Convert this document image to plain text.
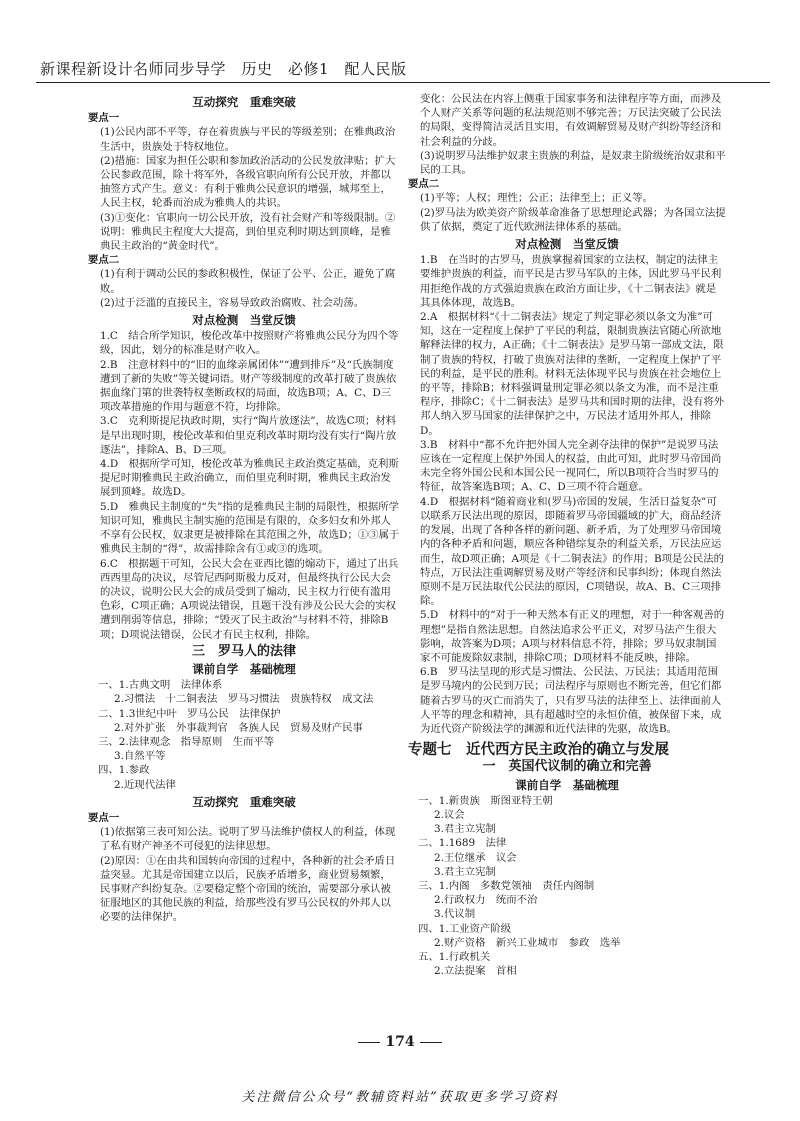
新课程新设计名师同步导学　历史　必修1　配人民版
互动探究　重难突破
要点一
(1)公民内部不平等，存在着贵族与平民的等级差别；在雅典政治生活中，贵族处于特权地位。
(2)措施：国家为担任公职和参加政治活动的公民发放津贴；扩大公民参政范围，除十将军外，各级官职向所有公民开放，并都以抽签方式产生。意义：有利于雅典公民意识的增强，城邦至上，人民主权，轮番而治成为雅典人的共识。
(3)①变化：官职向一切公民开放，没有社会财产和等级限制。②说明：雅典民主程度大大提高，到伯里克利时期达到顶峰，是雅典民主政治的“黄金时代”。
要点二
(1)有利于调动公民的参政积极性，保证了公平、公正，避免了腐败。
(2)过于泛滥的直接民主，容易导致政治腐败、社会动荡。
对点检测　当堂反馈
1.C　结合所学知识，梭伦改革中按照财产将雅典公民分为四个等级，因此，划分的标准是财产收入。
2.B　注意材料中的“旧的血缘亲属团体”“遭到排斥”及“氏族制度遭到了新的失败”等关键词语。财产等级制度的改革打破了贵族依据血缘门第的世袭特权垄断政权的局面，故选B项；A、C、D三项改革措施的作用与题意不符，均排除。
3.C　克利斯提尼执政时期，实行“陶片放逐法”，故选C项；材料是早出现时期，梭伦改革和伯里克利改革时期均没有实行“陶片放逐法”，排除A、B、D三项。
4.D　根据所学可知，梭伦改革为雅典民主政治奠定基础，克利斯提尼时期雅典民主政治确立，而伯里克利时期，雅典民主政治发展到顶峰。故选D。
5.D　雅典民主制度的“失”指的是雅典民主制的局限性，根据所学知识可知，雅典民主制实施的范围是有限的，众多妇女和外邦人不享有公民权，奴隶更是被排除在其范围之外，故选D；①③属于雅典民主制的“得”，故需排除含有①或③的选项。
6.C　根据题干可知，公民大会在亚西比德的煽动下，通过了出兵西西里岛的决议，尽管尼西阿斯极力反对，但最终执行公民大会的决议，说明公民大会的成员受到了煽动，民主权力行使有滥用色彩，C项正确；A项说法错误，且题干没有涉及公民大会的实权遭到削弱等信息，排除；“毁灭了民主政治”与材料不符，排除B项；D项说法错误，公民才有民主权利，排除。
三　罗马人的法律
课前自学　基础梳理
一、1.古典文明　法律体系
2.习惯法　十二铜表法　罗马习惯法　贵族特权　成文法
二、1.3世纪中叶　罗马公民　法律保护
2.对外扩张　外事裁判官　各族人民　贸易及财产民事
三、2.法律观念　指导原则　生而平等
3.自然平等
四、1.参政
2.近现代法律
互动探究　重难突破
要点一
(1)依据第三表可知公法。说明了罗马法维护债权人的利益，体现了私有财产神圣不可侵犯的法律思想。
(2)原因：①在由共和国转向帝国的过程中，各种新的社会矛盾日益突显。尤其是帝国建立以后，民族矛盾增多，商业贸易频繁，民事财产纠纷复杂。②要稳定整个帝国的统治，需要部分承认被征服地区的其他民族的利益，给那些没有罗马公民权的外邦人以必要的法律保护。
变化：公民法在内容上侧重于国家事务和法律程序等方面，而涉及个人财产关系等问题的私法规范则不够完善；万民法突破了公民法的局限，变得简洁灵活且实用，有效调解贸易及财产纠纷等经济和社会利益的分歧。
(3)说明罗马法维护奴隶主贵族的利益，是奴隶主阶级统治奴隶和平民的工具。
要点二
(1)平等；人权；理性；公正；法律至上；正义等。
(2)罗马法为欧美资产阶级革命准备了思想理论武器；为各国立法提供了依据，奠定了近代欧洲法律体系的基础。
对点检测　当堂反馈
1.B　在当时的古罗马，贵族掌握着国家的立法权，制定的法律主要维护贵族的利益，而平民是古罗马军队的主体，因此罗马平民利用拒绝作战的方式强迫贵族在政治方面让步，《十二铜表法》就是其具体体现，故选B。
2.A　根据材料“《十二铜表法》规定了判定罪必须以条文为准”可知，这在一定程度上保护了平民的利益，限制贵族法官随心所欲地解释法律的权力，A正确；《十二铜表法》是罗马第一部成文法，限制了贵族的特权，打破了贵族对法律的垄断，一定程度上保护了平民的利益，是平民的胜利。材料无法体现平民与贵族在社会地位上的平等，排除B；材料强调量刑定罪必须以条文为准，而不是注重程序，排除C；《十二铜表法》是罗马共和国时期的法律，没有将外邦人纳入罗马国家的法律保护之中，万民法才适用外邦人，排除D。
3.B　材料中“都不允许把外国人完全剥夺法律的保护”是说罗马法应该在一定程度上保护外国人的权益，由此可知，此时罗马帝国尚未完全将外国公民和本国公民一视同仁，所以B项符合当时罗马的特征，故答案选B项；A、C、D三项不符合题意。
4.D　根据材料“随着商业和(罗马)帝国的发展，生活日益复杂”可以联系万民法出现的原因，即随着罗马帝国疆域的扩大，商品经济的发展，出现了各种各样的新问题、新矛盾，为了处理罗马帝国境内的各种矛盾和问题，顺应各种错综复杂的利益关系，万民法应运而生，故D项正确；A项是《十二铜表法》的作用；B项是公民法的特点，万民法注重调解贸易及财产等经济和民事纠纷；体现自然法原则不是万民法取代公民法的原因，C项错误，故A、B、C三项排除。
5.D　材料中的“对于一种天然本有正义的理想，对于一种客观善的理想”是指自然法思想。自然法追求公平正义，对罗马法产生很大影响，故答案为D项；A项与材料信息不符，排除；罗马奴隶制国家不可能废除奴隶制，排除C项；D项材料不能反映，排除。
6.B　罗马法呈现的形式是习惯法、公民法、万民法；其适用范围是罗马境内的公民到万民；司法程序与原则也不断完善，但它们都随着古罗马的灭亡而消失了，只有罗马法的法律至上、法律面前人人平等的理念和精神，具有超越时空的永恒价值，被保留下来，成为近代资产阶级法学的渊源和近代法律的先驱，故选B。
专题七　近代西方民主政治的确立与发展
一　英国代议制的确立和完善
课前自学　基础梳理
一、1.新贵族　斯图亚特王朝
2.议会
3.君主立宪制
二、1.1689　法律
2.王位继承　议会
3.君主立宪制
三、1.内阁　多数党领袖　责任内阁制
2.行政权力　统而不治
3.代议制
四、1.工业资产阶级
2.财产资格　新兴工业城市　参政　选举
五、1.行政机关
2.立法提案　首相
174
关注微信公众号“教辅资料站”获取更多学习资料
